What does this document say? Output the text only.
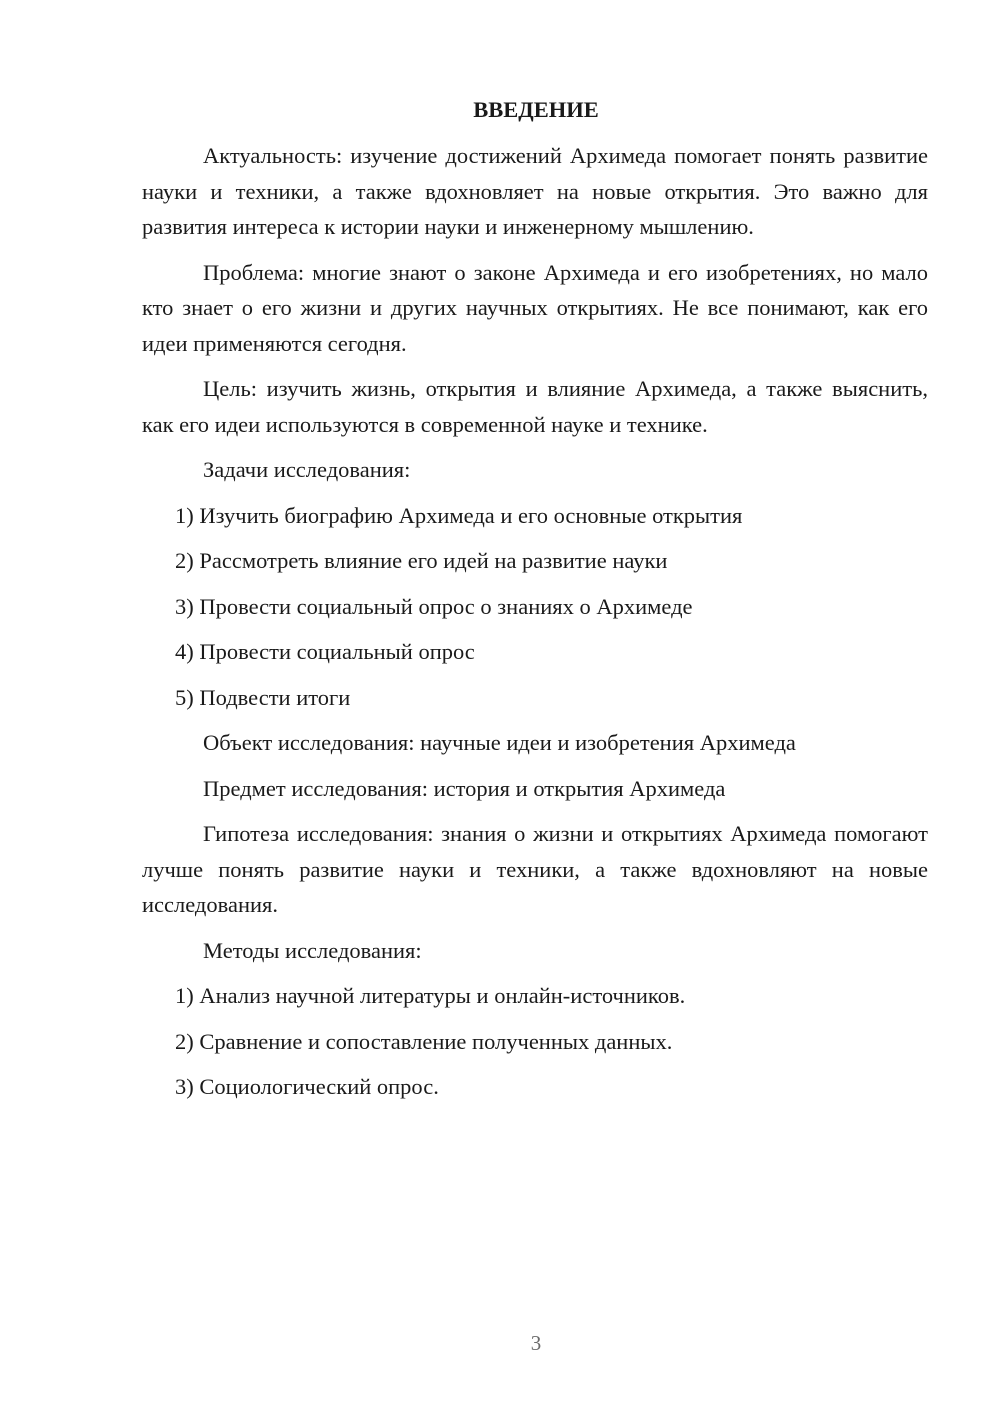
ВВЕДЕНИЕ

Актуальность: изучение достижений Архимеда помогает понять развитие науки и техники, а также вдохновляет на новые открытия. Это важно для развития интереса к истории науки и инженерному мышлению.

Проблема: многие знают о законе Архимеда и его изобретениях, но мало кто знает о его жизни и других научных открытиях. Не все понимают, как его идеи применяются сегодня.

Цель: изучить жизнь, открытия и влияние Архимеда, а также выяснить, как его идеи используются в современной науке и технике.

Задачи исследования:

1) Изучить биографию Архимеда и его основные открытия
2) Рассмотреть влияние его идей на развитие науки
3) Провести социальный опрос о знаниях о Архимеде
4) Провести социальный опрос
5) Подвести итоги

Объект исследования: научные идеи и изобретения Архимеда

Предмет исследования: история и открытия Архимеда

Гипотеза исследования: знания о жизни и открытиях Архимеда помогают лучше понять развитие науки и техники, а также вдохновляют на новые исследования.

Методы исследования:

1) Анализ научной литературы и онлайн-источников.
2) Сравнение и сопоставление полученных данных.
3) Социологический опрос.
3
